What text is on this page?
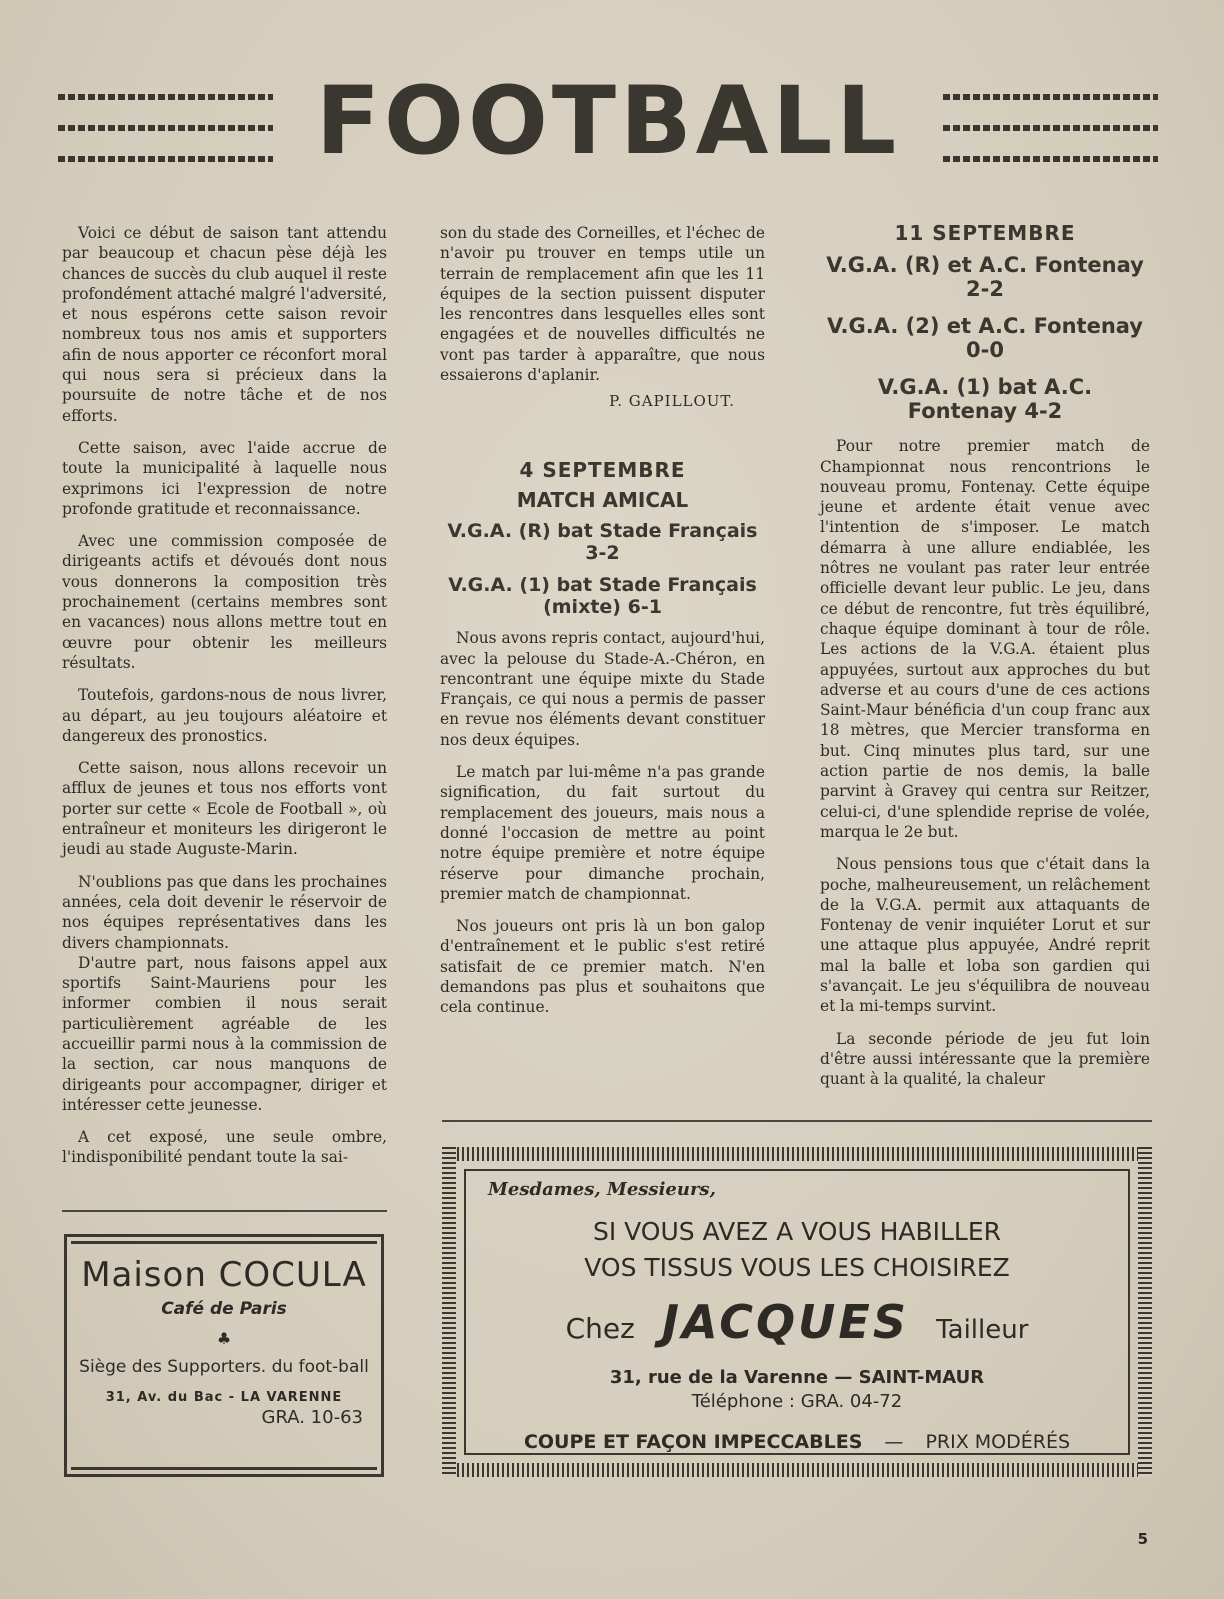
FOOTBALL

Voici ce début de saison tant attendu par beaucoup et chacun pèse déjà les chances de succès du club auquel il reste profondément attaché malgré l'adversité, et nous espérons cette saison revoir nombreux tous nos amis et supporters afin de nous apporter ce réconfort moral qui nous sera si précieux dans la poursuite de notre tâche et de nos efforts.

Cette saison, avec l'aide accrue de toute la municipalité à laquelle nous exprimons ici l'expression de notre profonde gratitude et reconnaissance.

Avec une commission composée de dirigeants actifs et dévoués dont nous vous donnerons la composition très prochainement (certains membres sont en vacances) nous allons mettre tout en œuvre pour obtenir les meilleurs résultats.

Toutefois, gardons-nous de nous livrer, au départ, au jeu toujours aléatoire et dangereux des pronostics.

Cette saison, nous allons recevoir un afflux de jeunes et tous nos efforts vont porter sur cette « Ecole de Football », où entraîneur et moniteurs les dirigeront le jeudi au stade Auguste-Marin.

N'oublions pas que dans les prochaines années, cela doit devenir le réservoir de nos équipes représentatives dans les divers championnats.

D'autre part, nous faisons appel aux sportifs Saint-Mauriens pour les informer combien il nous serait particulièrement agréable de les accueillir parmi nous à la commission de la section, car nous manquons de dirigeants pour accompagner, diriger et intéresser cette jeunesse.

A cet exposé, une seule ombre, l'indisponibilité pendant toute la sai-

son du stade des Corneilles, et l'échec de n'avoir pu trouver en temps utile un terrain de remplacement afin que les 11 équipes de la section puissent disputer les rencontres dans lesquelles elles sont engagées et de nouvelles difficultés ne vont pas tarder à apparaître, que nous essaierons d'aplanir.

P. GAPILLOUT.
4 SEPTEMBRE
MATCH AMICAL
V.G.A. (R) bat Stade Français 3-2
V.G.A. (1) bat Stade Français (mixte) 6-1

Nous avons repris contact, aujourd'hui, avec la pelouse du Stade-A.-Chéron, en rencontrant une équipe mixte du Stade Français, ce qui nous a permis de passer en revue nos éléments devant constituer nos deux équipes.

Le match par lui-même n'a pas grande signification, du fait surtout du remplacement des joueurs, mais nous a donné l'occasion de mettre au point notre équipe première et notre équipe réserve pour dimanche prochain, premier match de championnat.

Nos joueurs ont pris là un bon galop d'entraînement et le public s'est retiré satisfait de ce premier match. N'en demandons pas plus et souhaitons que cela continue.

11 SEPTEMBRE
V.G.A. (R) et A.C. Fontenay 2-2
V.G.A. (2) et A.C. Fontenay 0-0
V.G.A. (1) bat A.C. Fontenay 4-2

Pour notre premier match de Championnat nous rencontrions le nouveau promu, Fontenay. Cette équipe jeune et ardente était venue avec l'intention de s'imposer. Le match démarra à une allure endiablée, les nôtres ne voulant pas rater leur entrée officielle devant leur public. Le jeu, dans ce début de rencontre, fut très équilibré, chaque équipe dominant à tour de rôle. Les actions de la V.G.A. étaient plus appuyées, surtout aux approches du but adverse et au cours d'une de ces actions Saint-Maur bénéficia d'un coup franc aux 18 mètres, que Mercier transforma en but. Cinq minutes plus tard, sur une action partie de nos demis, la balle parvint à Gravey qui centra sur Reitzer, celui-ci, d'une splendide reprise de volée, marqua le 2e but.

Nous pensions tous que c'était dans la poche, malheureusement, un relâchement de la V.G.A. permit aux attaquants de Fontenay de venir inquiéter Lorut et sur une attaque plus appuyée, André reprit mal la balle et loba son gardien qui s'avançait. Le jeu s'équilibra de nouveau et la mi-temps survint.

La seconde période de jeu fut loin d'être aussi intéressante que la première quant à la qualité, la chaleur

Maison COCULA
Café de Paris
♣
Siège des Supporters. du foot-ball
31, Av. du Bac - LA VARENNE
GRA. 10-63
Mesdames, Messieurs,
SI VOUS AVEZ A VOUS HABILLER
VOS TISSUS VOUS LES CHOISIREZ
Chez JACQUES Tailleur
31, rue de la Varenne — SAINT-MAUR
Téléphone : GRA. 04-72
COUPE ET FAÇON IMPECCABLES — PRIX MODÉRÉS
5
